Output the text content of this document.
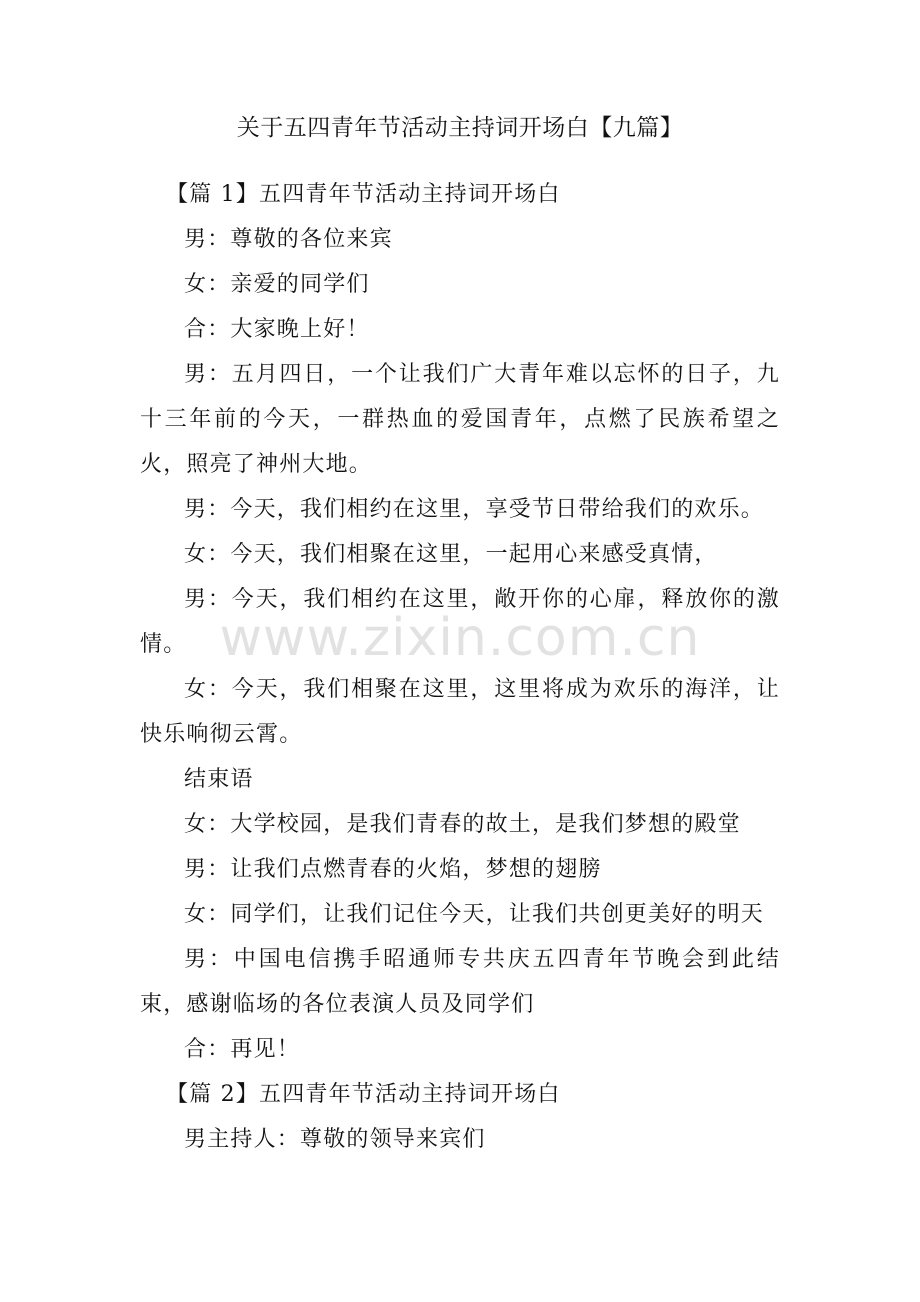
关于五四青年节活动主持词开场白【九篇】

【篇 1】五四青年节活动主持词开场白

男：尊敬的各位来宾

女：亲爱的同学们

合：大家晚上好！

男：五月四日，一个让我们广大青年难以忘怀的日子，九十三年前的今天，一群热血的爱国青年，点燃了民族希望之火，照亮了神州大地。

男：今天，我们相约在这里，享受节日带给我们的欢乐。

女：今天，我们相聚在这里，一起用心来感受真情，

男：今天，我们相约在这里，敞开你的心扉，释放你的激情。

女：今天，我们相聚在这里，这里将成为欢乐的海洋，让快乐响彻云霄。

结束语

女：大学校园，是我们青春的故土，是我们梦想的殿堂

男：让我们点燃青春的火焰，梦想的翅膀

女：同学们，让我们记住今天，让我们共创更美好的明天

男：中国电信携手昭通师专共庆五四青年节晚会到此结束，感谢临场的各位表演人员及同学们

合：再见！

【篇 2】五四青年节活动主持词开场白

男主持人：尊敬的领导来宾们

www.zixin.com.cn
